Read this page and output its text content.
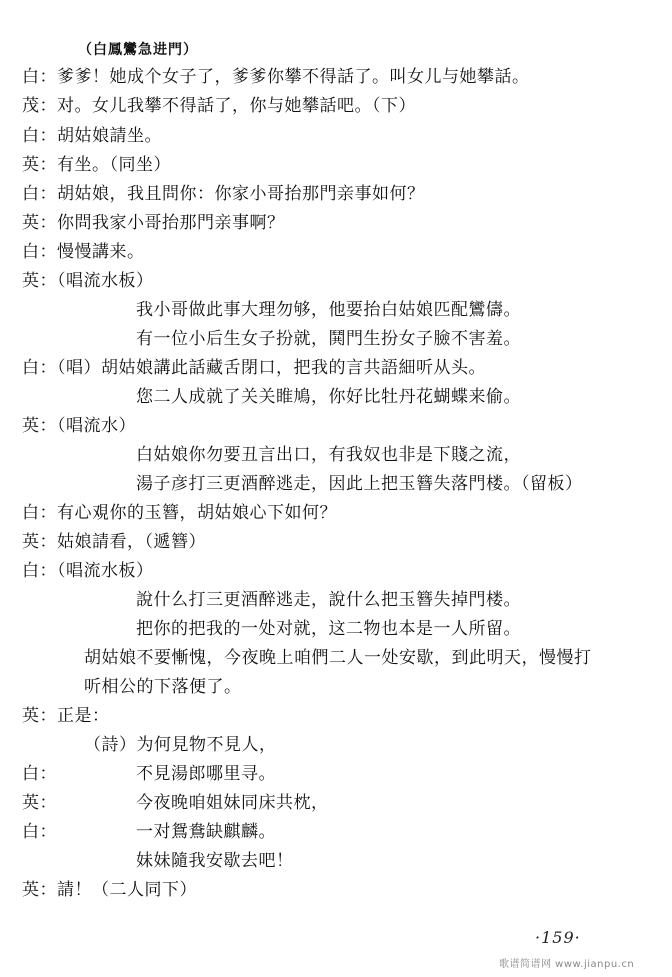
（白鳳鸞急进門）
白：爹爹！她成个女子了，爹爹你攀不得話了。叫女儿与她攀話。
茂：对。女儿我攀不得話了，你与她攀話吧。（下）
白：胡姑娘請坐。
英：有坐。（同坐）
白：胡姑娘，我且問你：你家小哥抬那門亲事如何？
英：你問我家小哥抬那門亲事啊？
白：慢慢講来。
英：（唱流水板）
我小哥做此事大理勿够，他要抬白姑娘匹配鸞儔。
有一位小后生女子扮就，鬨門生扮女子臉不害羞。
白：（唱）胡姑娘講此話藏舌閉口，把我的言共語細听从头。
您二人成就了关关睢鳩，你好比牡丹花蝴蝶来偷。
英：（唱流水）
白姑娘你勿要丑言出口，有我奴也非是下賤之流，
湯子彦打三更酒醉逃走，因此上把玉簪失落門楼。（留板）
白：有心覌你的玉簪，胡姑娘心下如何？
英：姑娘請看，（遞簪）
白：（唱流水板）
說什么打三更酒醉逃走，說什么把玉簪失掉門楼。
把你的把我的一处对就，这二物也本是一人所留。
胡姑娘不要慚愧，今夜晚上咱們二人一处安歇，到此明天，慢慢打
听相公的下落便了。
英：正是：
（詩）为何見物不見人，
白：	不見湯郎哪里寻。
英：	今夜晚咱姐妹同床共枕，
白：	一对鴛鴦缺麒麟。
妹妹隨我安歇去吧！
英：請！（二人同下）
·159·
歌谱简谱网 www.jianpu.cn
